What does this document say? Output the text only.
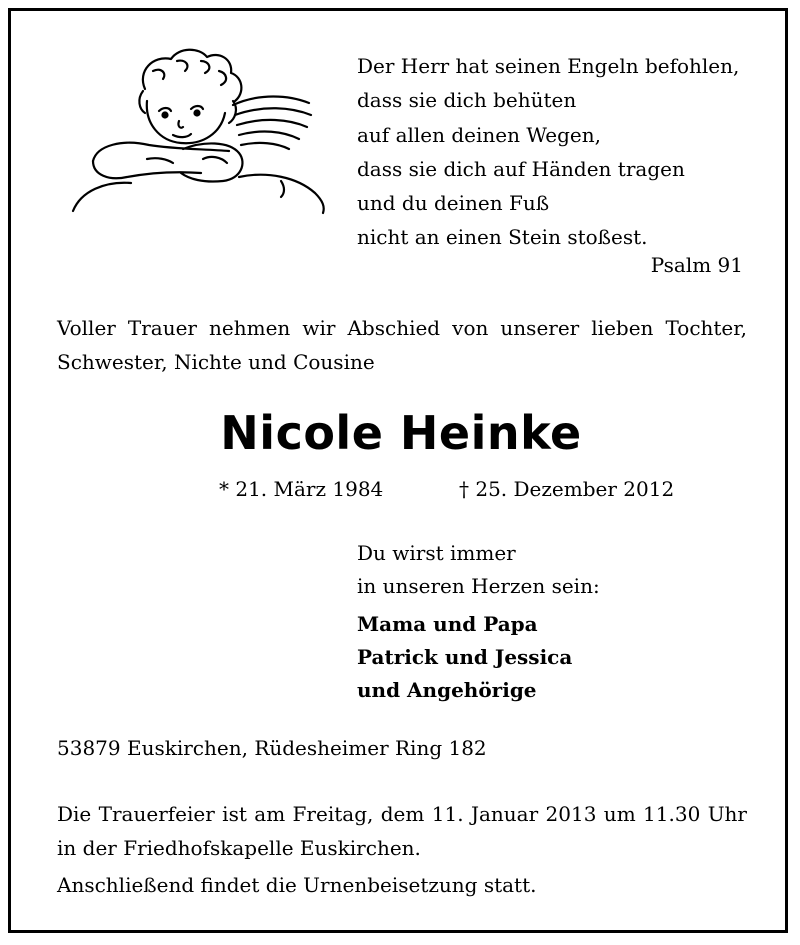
Der Herr hat seinen Engeln befohlen,
dass sie dich behüten
auf allen deinen Wegen,
dass sie dich auf Händen tragen
und du deinen Fuß
nicht an einen Stein stoßest.
Psalm 91
Voller Trauer nehmen wir Abschied von unserer lieben Tochter, Schwester, Nichte und Cousine
Nicole Heinke
* 21. März 1984	† 25. Dezember 2012
Du wirst immer
in unseren Herzen sein:
Mama und Papa
Patrick und Jessica
und Angehörige
53879 Euskirchen, Rüdesheimer Ring 182
Die Trauerfeier ist am Freitag, dem 11. Januar 2013 um 11.30 Uhr
in der Friedhofskapelle Euskirchen.
Anschließend findet die Urnenbeisetzung statt.
